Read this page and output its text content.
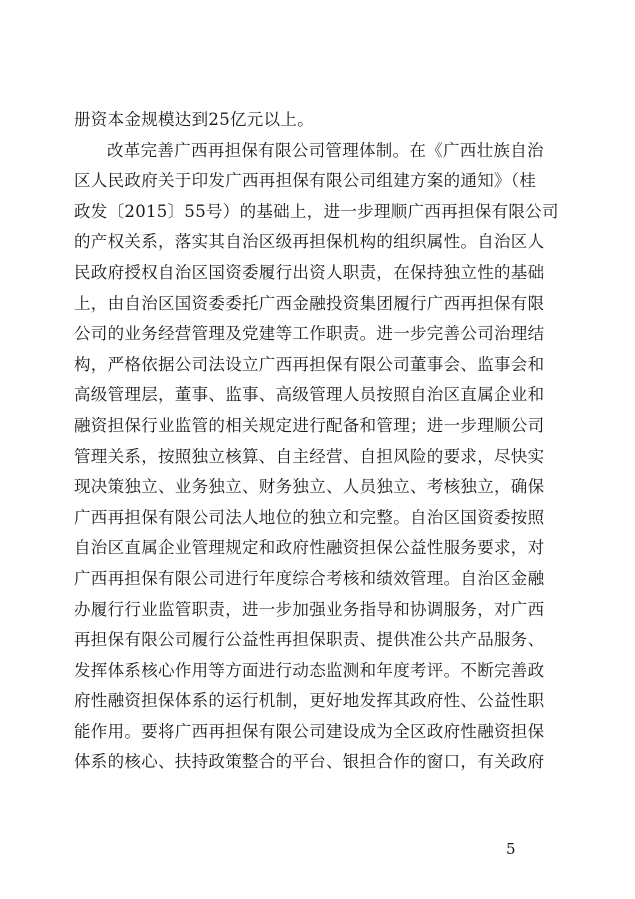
册资本金规模达到25亿元以上。
改革完善广西再担保有限公司管理体制。在《广西壮族自治
区人民政府关于印发广西再担保有限公司组建方案的通知》（桂
政发〔2015〕55号）的基础上，进一步理顺广西再担保有限公司
的产权关系，落实其自治区级再担保机构的组织属性。自治区人
民政府授权自治区国资委履行出资人职责，在保持独立性的基础
上，由自治区国资委委托广西金融投资集团履行广西再担保有限
公司的业务经营管理及党建等工作职责。进一步完善公司治理结
构，严格依据公司法设立广西再担保有限公司董事会、监事会和
高级管理层，董事、监事、高级管理人员按照自治区直属企业和
融资担保行业监管的相关规定进行配备和管理；进一步理顺公司
管理关系，按照独立核算、自主经营、自担风险的要求，尽快实
现决策独立、业务独立、财务独立、人员独立、考核独立，确保
广西再担保有限公司法人地位的独立和完整。自治区国资委按照
自治区直属企业管理规定和政府性融资担保公益性服务要求，对
广西再担保有限公司进行年度综合考核和绩效管理。自治区金融
办履行行业监管职责，进一步加强业务指导和协调服务，对广西
再担保有限公司履行公益性再担保职责、提供准公共产品服务、
发挥体系核心作用等方面进行动态监测和年度考评。不断完善政
府性融资担保体系的运行机制，更好地发挥其政府性、公益性职
能作用。要将广西再担保有限公司建设成为全区政府性融资担保
体系的核心、扶持政策整合的平台、银担合作的窗口，有关政府
5
